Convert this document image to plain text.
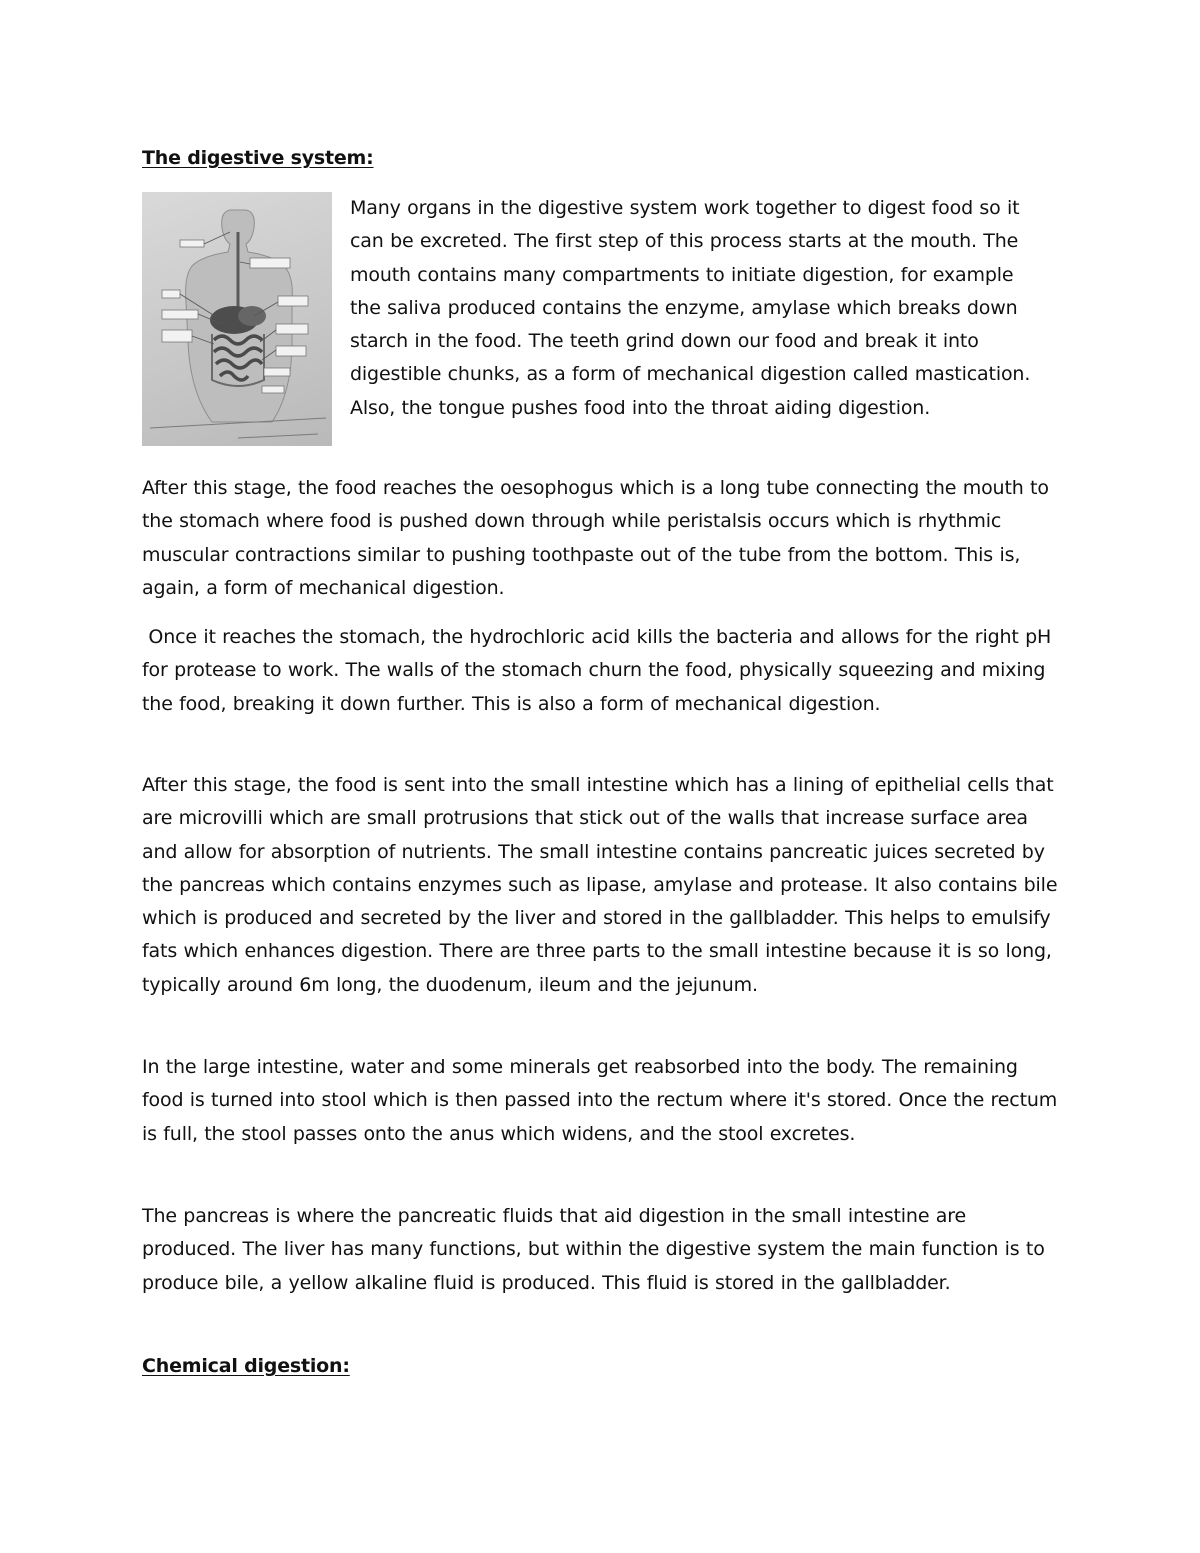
The digestive system:

Many organs in the digestive system work together to digest food so it can be excreted. The first step of this process starts at the mouth. The mouth contains many compartments to initiate digestion, for example the saliva produced contains the enzyme, amylase which breaks down starch in the food. The teeth grind down our food and break it into digestible chunks, as a form of mechanical digestion called mastication. Also, the tongue pushes food into the throat aiding digestion.

After this stage, the food reaches the oesophogus which is a long tube connecting the mouth to the stomach where food is pushed down through while peristalsis occurs which is rhythmic muscular contractions similar to pushing toothpaste out of the tube from the bottom. This is, again, a form of mechanical digestion.

Once it reaches the stomach, the hydrochloric acid kills the bacteria and allows for the right pH for protease to work. The walls of the stomach churn the food, physically squeezing and mixing the food, breaking it down further. This is also a form of mechanical digestion.

After this stage, the food is sent into the small intestine which has a lining of epithelial cells that are microvilli which are small protrusions that stick out of the walls that increase surface area and allow for absorption of nutrients. The small intestine contains pancreatic juices secreted by the pancreas which contains enzymes such as lipase, amylase and protease. It also contains bile which is produced and secreted by the liver and stored in the gallbladder. This helps to emulsify fats which enhances digestion. There are three parts to the small intestine because it is so long, typically around 6m long, the duodenum, ileum and the jejunum.

In the large intestine, water and some minerals get reabsorbed into the body. The remaining food is turned into stool which is then passed into the rectum where it's stored. Once the rectum is full, the stool passes onto the anus which widens, and the stool excretes.

The pancreas is where the pancreatic fluids that aid digestion in the small intestine are produced. The liver has many functions, but within the digestive system the main function is to produce bile, a yellow alkaline fluid is produced. This fluid is stored in the gallbladder.

Chemical digestion:
